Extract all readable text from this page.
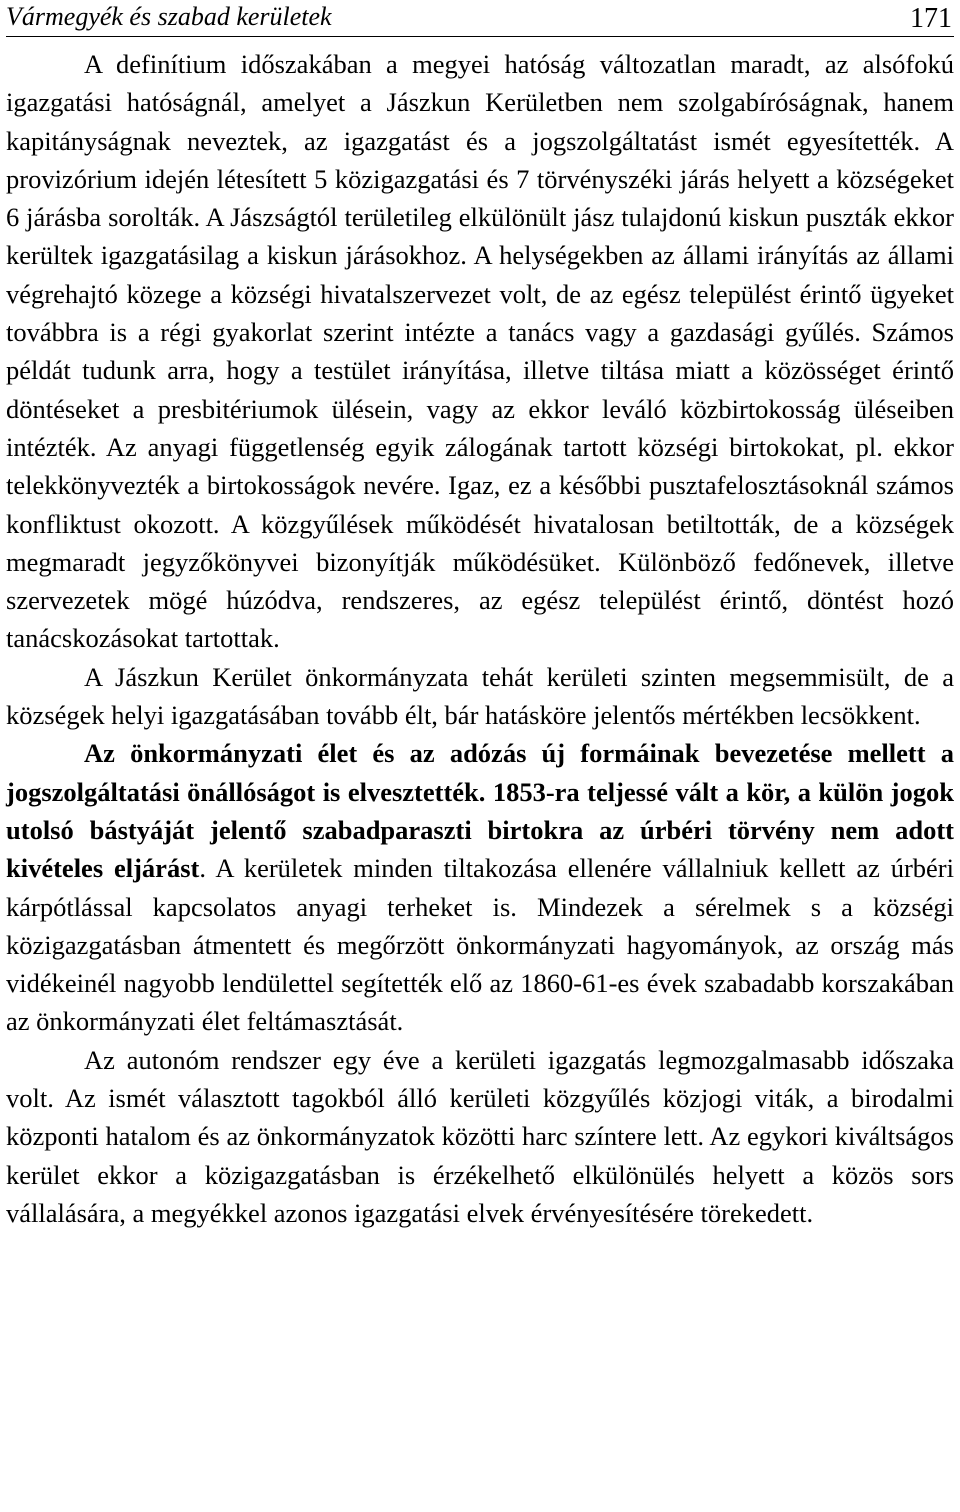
Vármegyék és szabad kerületek	171

A definítium időszakában a megyei hatóság változatlan maradt, az alsófokú igazgatási hatóságnál, amelyet a Jászkun Kerületben nem szolgabíróságnak, hanem kapitányságnak neveztek, az igazgatást és a jogszolgáltatást ismét egyesítették. A provizórium idején létesített 5 közigazgatási és 7 törvényszéki járás helyett a községeket 6 járásba sorolták. A Jászságtól területileg elkülönült jász tulajdonú kiskun puszták ekkor kerültek igazgatásilag a kiskun járásokhoz. A helységekben az állami irányítás az állami végrehajtó közege a községi hivatalszervezet volt, de az egész települést érintő ügyeket továbbra is a régi gyakorlat szerint intézte a tanács vagy a gazdasági gyűlés. Számos példát tudunk arra, hogy a testület irányítása, illetve tiltása miatt a közösséget érintő döntéseket a presbitériumok ülésein, vagy az ekkor leváló közbirtokosság üléseiben intézték. Az anyagi függetlenség egyik zálogának tartott községi birtokokat, pl. ekkor telekkönyvezték a birtokosságok nevére. Igaz, ez a későbbi pusztafelosztásoknál számos konfliktust okozott. A közgyűlések működését hivatalosan betiltották, de a községek megmaradt jegyzőkönyvei bizonyítják működésüket. Különböző fedőnevek, illetve szervezetek mögé húzódva, rendszeres, az egész települést érintő, döntést hozó tanácskozásokat tartottak.

A Jászkun Kerület önkormányzata tehát kerületi szinten megsemmisült, de a községek helyi igazgatásában tovább élt, bár hatásköre jelentős mértékben lecsökkent.

Az önkormányzati élet és az adózás új formáinak bevezetése mellett a jogszolgáltatási önállóságot is elvesztették. 1853-ra teljessé vált a kör, a külön jogok utolsó bástyáját jelentő szabadparaszti birtokra az úrbéri törvény nem adott kivételes eljárást. A kerületek minden tiltakozása ellenére vállalniuk kellett az úrbéri kárpótlással kapcsolatos anyagi terheket is. Mindezek a sérelmek s a községi közigazgatásban átmentett és megőrzött önkormányzati hagyományok, az ország más vidékeinél nagyobb lendülettel segítették elő az 1860-61-es évek szabadabb korszakában az önkormányzati élet feltámasztását.

Az autonóm rendszer egy éve a kerületi igazgatás legmozgalmasabb időszaka volt. Az ismét választott tagokból álló kerületi közgyűlés közjogi viták, a birodalmi központi hatalom és az önkormányzatok közötti harc színtere lett. Az egykori kiváltságos kerület ekkor a közigazgatásban is érzékelhető elkülönülés helyett a közös sors vállalására, a megyékkel azonos igazgatási elvek érvényesítésére törekedett.
